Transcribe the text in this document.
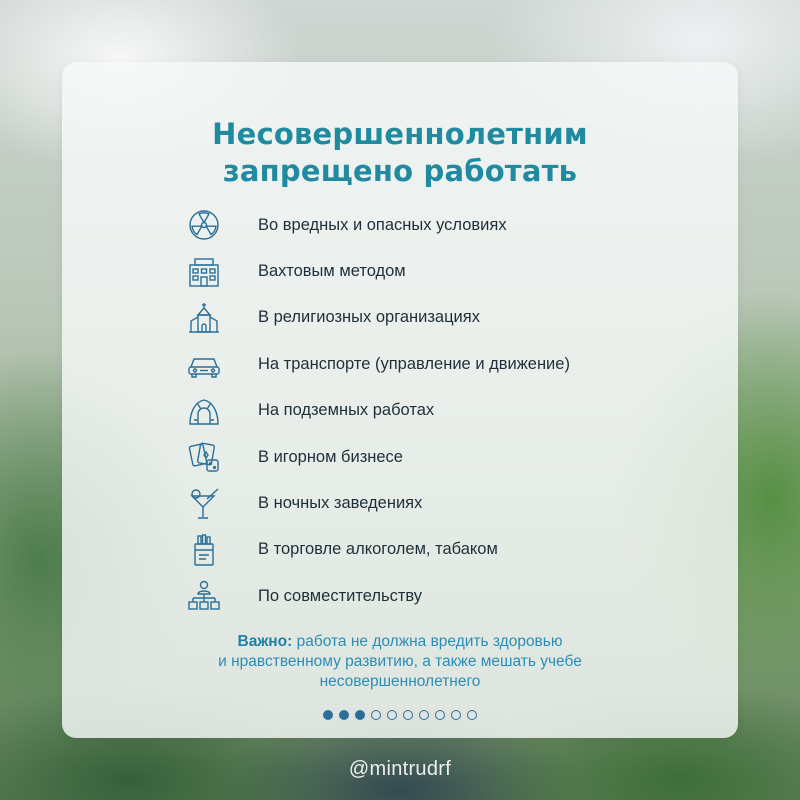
Несовершеннолетним
запрещено работать
Во вредных и опасных условиях
Вахтовым методом
В религиозных организациях
На транспорте (управление и движение)
На подземных работах
В игорном бизнесе
В ночных заведениях
В торговле алкоголем, табаком
По совместительству
Важно: работа не должна вредить здоровью
и нравственному развитию, а также мешать учебе
несовершеннолетнего
@mintrudrf
